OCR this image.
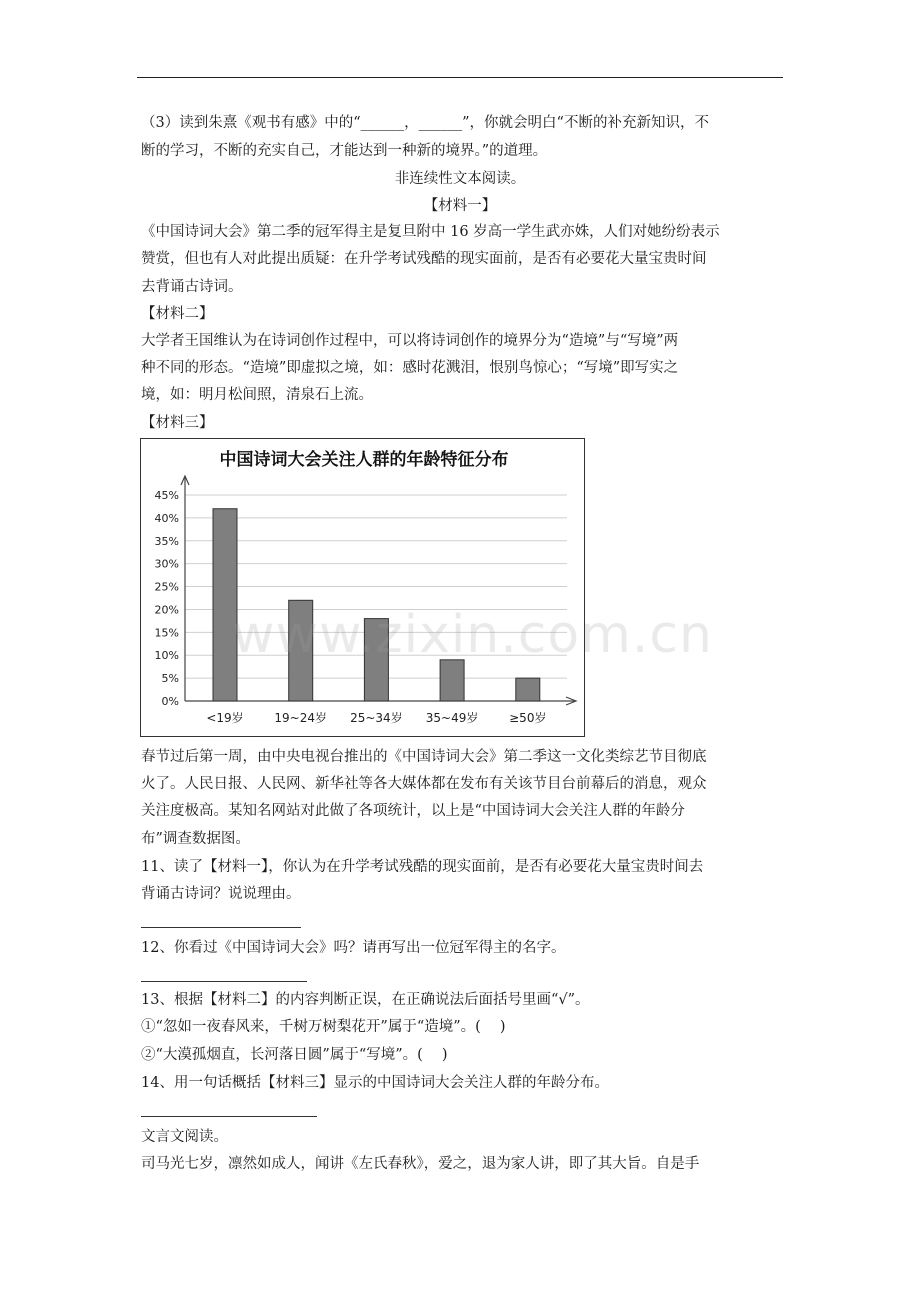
（3）读到朱熹《观书有感》中的“______，______”，你就会明白“不断的补充新知识，不
断的学习，不断的充实自己，才能达到一种新的境界。”的道理。
非连续性文本阅读。
【材料一】
《中国诗词大会》第二季的冠军得主是复旦附中 16 岁高一学生武亦姝，人们对她纷纷表示
赞赏，但也有人对此提出质疑：在升学考试残酷的现实面前，是否有必要花大量宝贵时间
去背诵古诗词。
【材料二】
大学者王国维认为在诗词创作过程中，可以将诗词创作的境界分为“造境”与“写境”两
种不同的形态。“造境”即虚拟之境，如：感时花溅泪，恨别鸟惊心；“写境”即写实之
境，如：明月松间照，清泉石上流。
【材料三】
中国诗词大会关注人群的年龄特征分布
0%
5%
10%
15%
20%
25%
30%
35%
40%
45%
<19岁	19~24岁 25~34岁 35~49岁	≥50岁
www.zixin.com.cn
春节过后第一周，由中央电视台推出的《中国诗词大会》第二季这一文化类综艺节目彻底
火了。人民日报、人民网、新华社等各大媒体都在发布有关该节目台前幕后的消息，观众
关注度极高。某知名网站对此做了各项统计，以上是“中国诗词大会关注人群的年龄分
布”调查数据图。
11、读了【材料一】，你认为在升学考试残酷的现实面前，是否有必要花大量宝贵时间去
背诵古诗词？说说理由。
12、你看过《中国诗词大会》吗？请再写出一位冠军得主的名字。
13、根据【材料二】的内容判断正误，在正确说法后面括号里画“√”。
①“忽如一夜春风来，千树万树梨花开”属于“造境”。(　 )
②“大漠孤烟直，长河落日圆”属于“写境”。(　 )
14、用一句话概括【材料三】显示的中国诗词大会关注人群的年龄分布。
文言文阅读。
司马光七岁，凛然如成人，闻讲《左氏春秋》，爱之，退为家人讲，即了其大旨。自是手
